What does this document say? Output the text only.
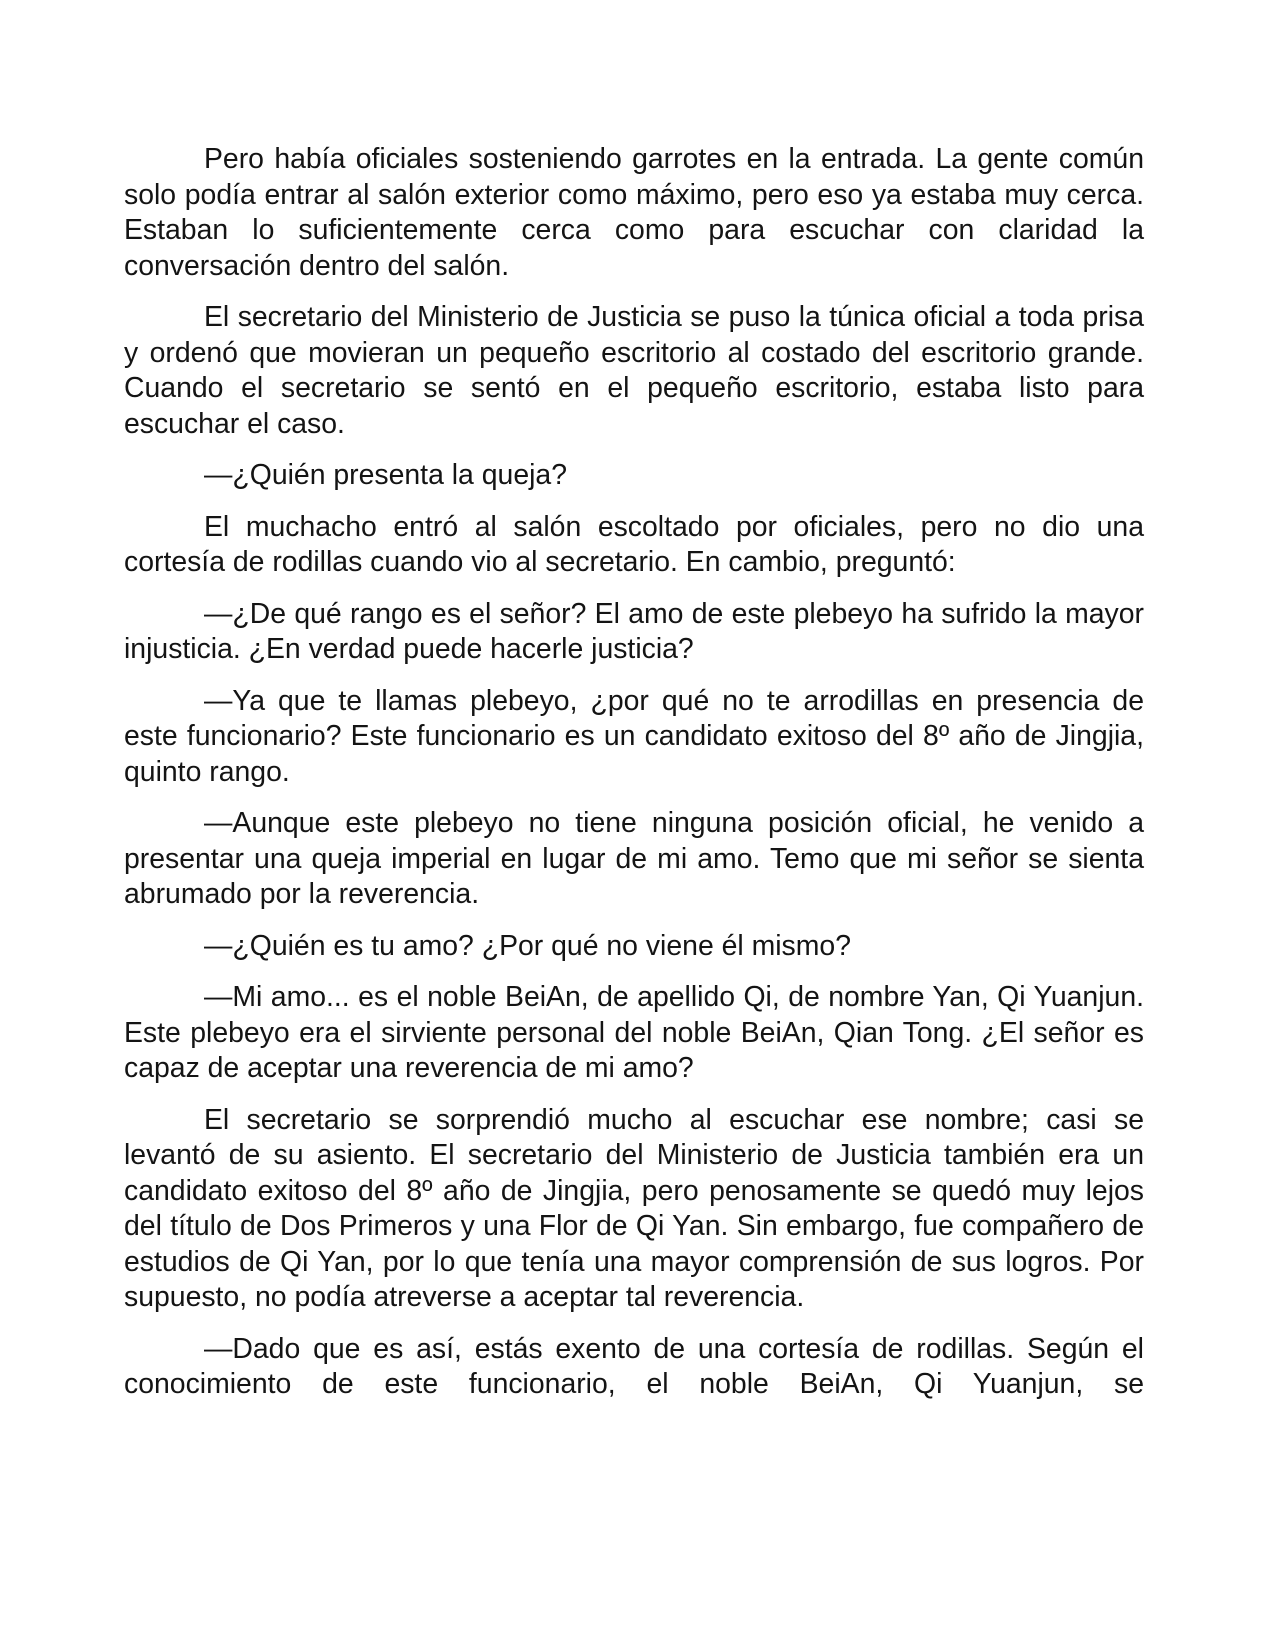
Pero había oficiales sosteniendo garrotes en la entrada. La gente común solo podía entrar al salón exterior como máximo, pero eso ya estaba muy cerca. Estaban lo suficientemente cerca como para escuchar con claridad la conversación dentro del salón.

El secretario del Ministerio de Justicia se puso la túnica oficial a toda prisa y ordenó que movieran un pequeño escritorio al costado del escritorio grande. Cuando el secretario se sentó en el pequeño escritorio, estaba listo para escuchar el caso.

—¿Quién presenta la queja?

El muchacho entró al salón escoltado por oficiales, pero no dio una cortesía de rodillas cuando vio al secretario. En cambio, preguntó:

—¿De qué rango es el señor? El amo de este plebeyo ha sufrido la mayor injusticia. ¿En verdad puede hacerle justicia?

—Ya que te llamas plebeyo, ¿por qué no te arrodillas en presencia de este funcionario? Este funcionario es un candidato exitoso del 8º año de Jingjia, quinto rango.

—Aunque este plebeyo no tiene ninguna posición oficial, he venido a presentar una queja imperial en lugar de mi amo. Temo que mi señor se sienta abrumado por la reverencia.

—¿Quién es tu amo? ¿Por qué no viene él mismo?

—Mi amo... es el noble BeiAn, de apellido Qi, de nombre Yan, Qi Yuanjun. Este plebeyo era el sirviente personal del noble BeiAn, Qian Tong. ¿El señor es capaz de aceptar una reverencia de mi amo?

El secretario se sorprendió mucho al escuchar ese nombre; casi se levantó de su asiento. El secretario del Ministerio de Justicia también era un candidato exitoso del 8º año de Jingjia, pero penosamente se quedó muy lejos del título de Dos Primeros y una Flor de Qi Yan. Sin embargo, fue compañero de estudios de Qi Yan, por lo que tenía una mayor comprensión de sus logros. Por supuesto, no podía atreverse a aceptar tal reverencia.

—Dado que es así, estás exento de una cortesía de rodillas. Según el conocimiento de este funcionario, el noble BeiAn, Qi Yuanjun, se
